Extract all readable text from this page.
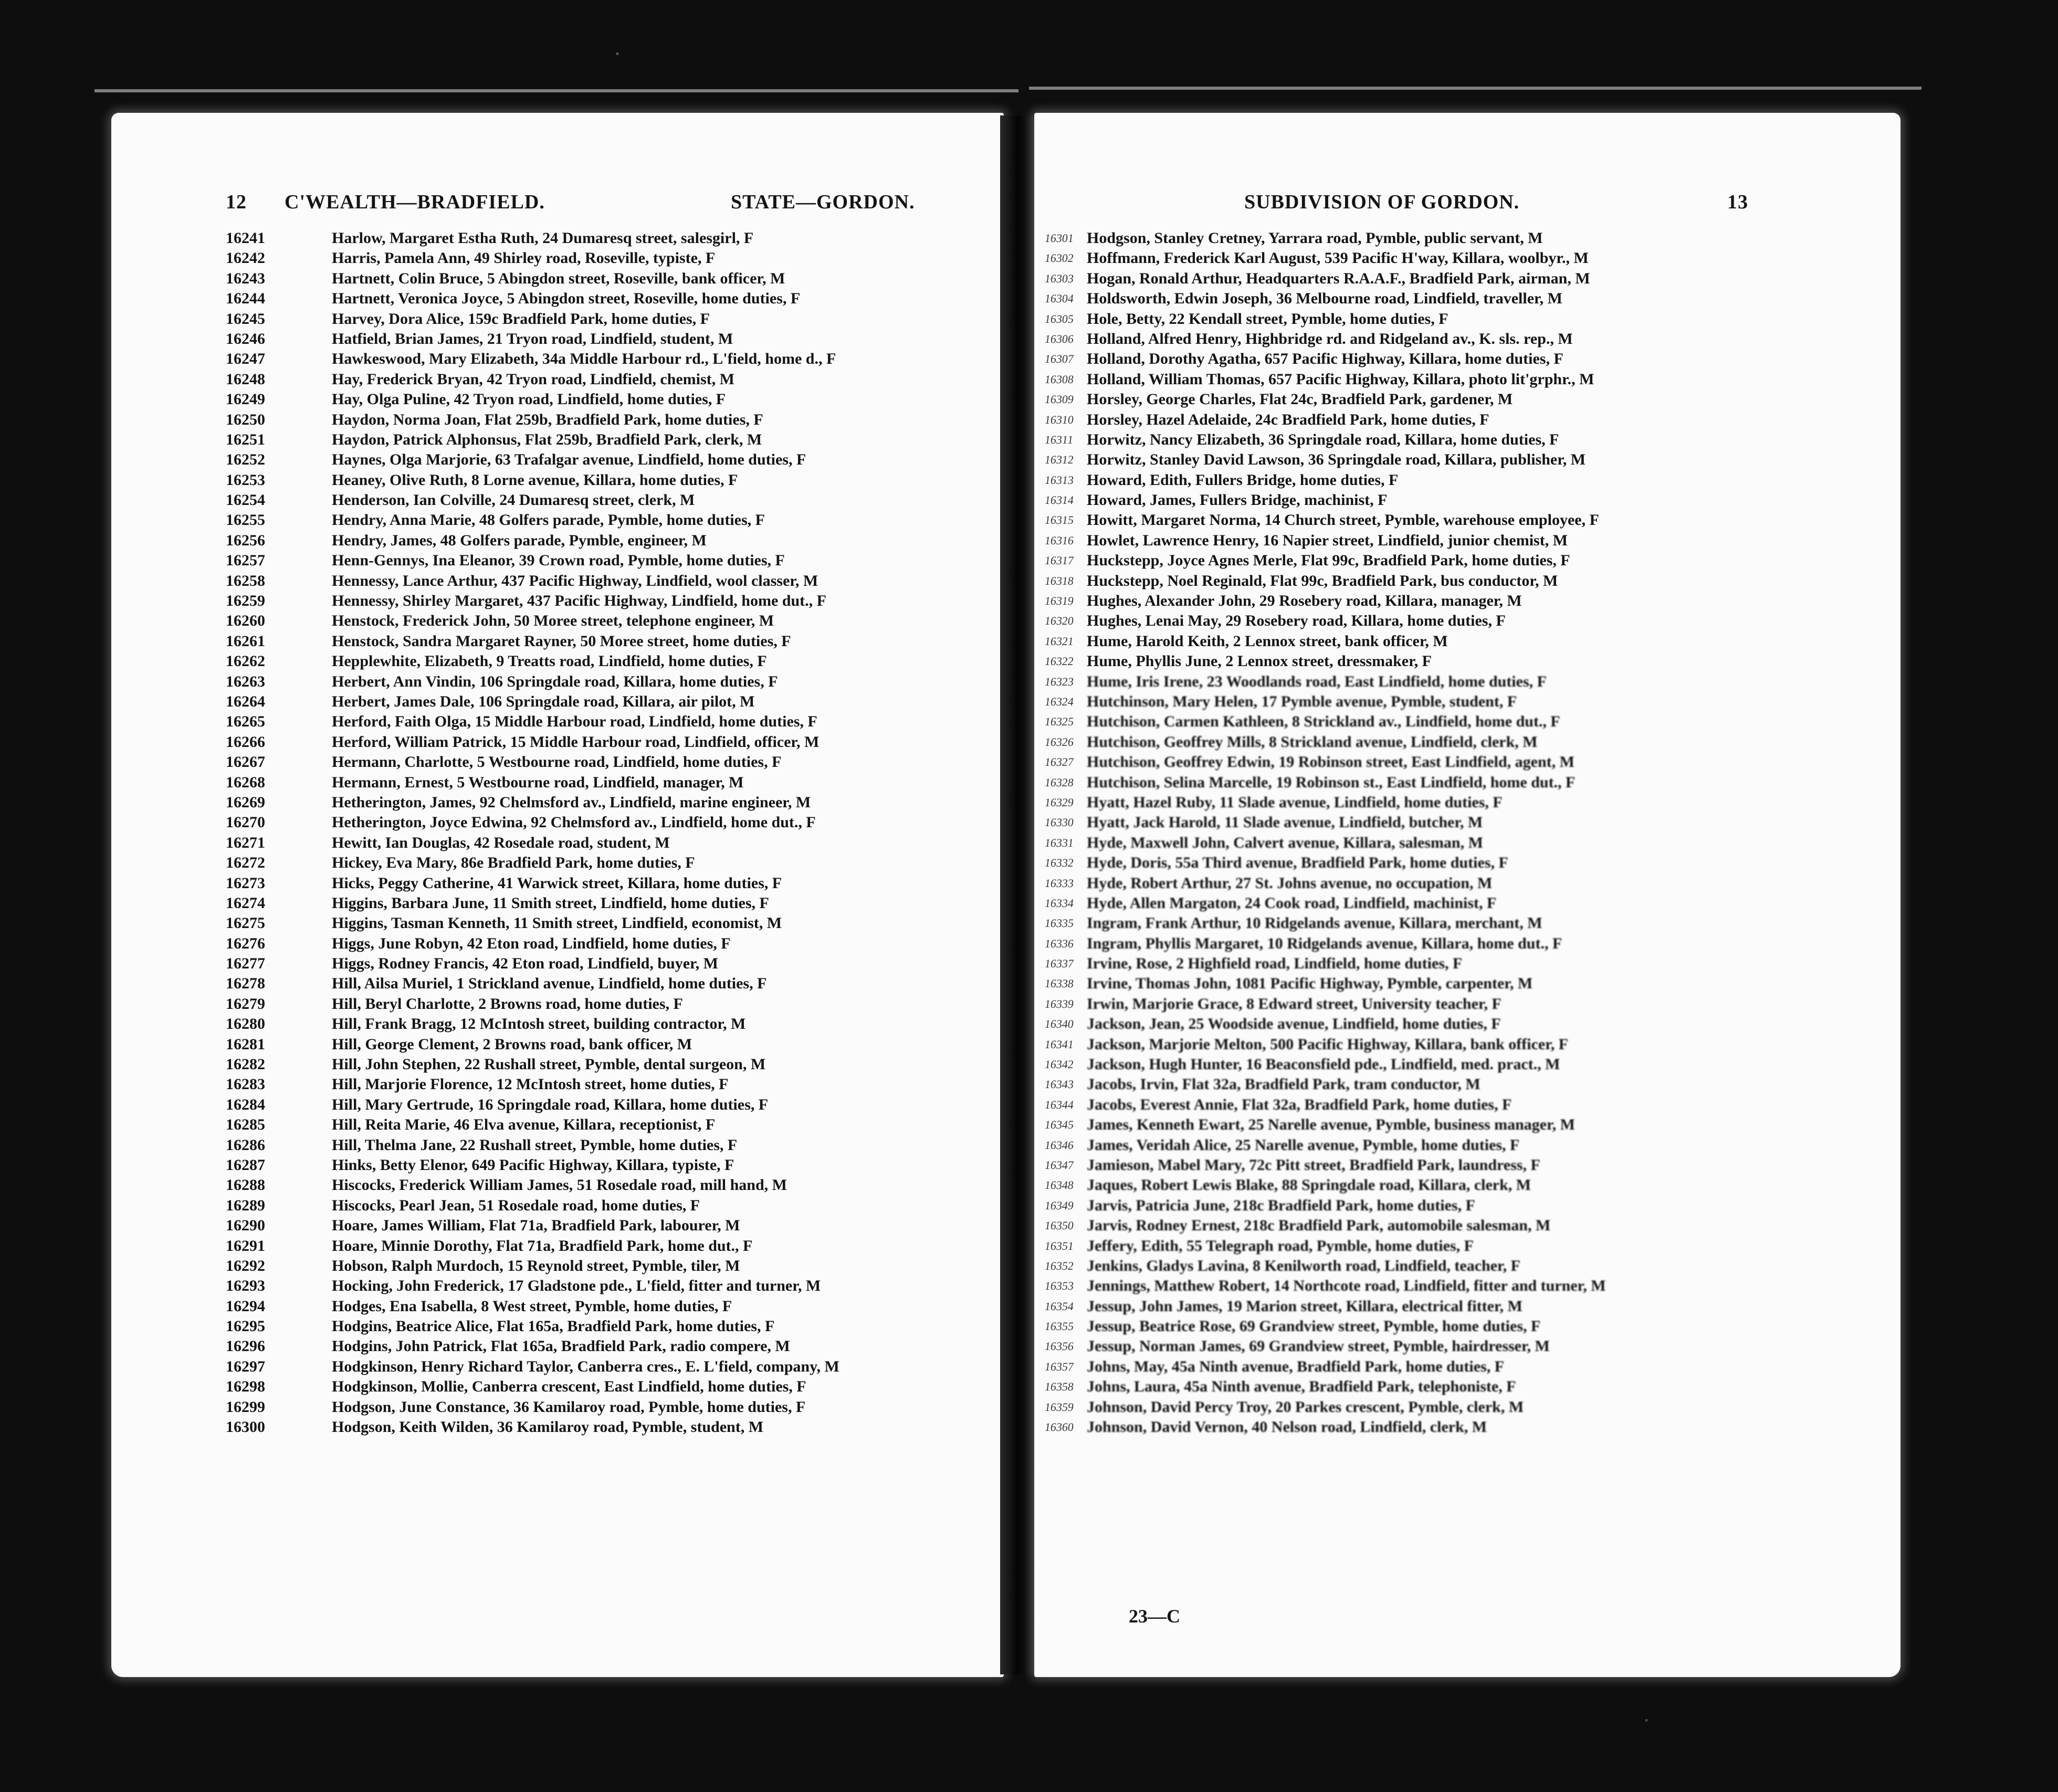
12 C'WEALTH—BRADFIELD.	STATE—GORDON.
16241	Harlow, Margaret Estha Ruth, 24 Dumaresq street, salesgirl, F
16242	Harris, Pamela Ann, 49 Shirley road, Roseville, typiste, F
16243	Hartnett, Colin Bruce, 5 Abingdon street, Roseville, bank officer, M
16244	Hartnett, Veronica Joyce, 5 Abingdon street, Roseville, home duties, F
16245	Harvey, Dora Alice, 159c Bradfield Park, home duties, F
16246	Hatfield, Brian James, 21 Tryon road, Lindfield, student, M
16247	Hawkeswood, Mary Elizabeth, 34a Middle Harbour rd., L'field, home d., F
16248	Hay, Frederick Bryan, 42 Tryon road, Lindfield, chemist, M
16249	Hay, Olga Puline, 42 Tryon road, Lindfield, home duties, F
16250	Haydon, Norma Joan, Flat 259b, Bradfield Park, home duties, F
16251	Haydon, Patrick Alphonsus, Flat 259b, Bradfield Park, clerk, M
16252	Haynes, Olga Marjorie, 63 Trafalgar avenue, Lindfield, home duties, F
16253	Heaney, Olive Ruth, 8 Lorne avenue, Killara, home duties, F
16254	Henderson, Ian Colville, 24 Dumaresq street, clerk, M
16255	Hendry, Anna Marie, 48 Golfers parade, Pymble, home duties, F
16256	Hendry, James, 48 Golfers parade, Pymble, engineer, M
16257	Henn-Gennys, Ina Eleanor, 39 Crown road, Pymble, home duties, F
16258	Hennessy, Lance Arthur, 437 Pacific Highway, Lindfield, wool classer, M
16259	Hennessy, Shirley Margaret, 437 Pacific Highway, Lindfield, home dut., F
16260	Henstock, Frederick John, 50 Moree street, telephone engineer, M
16261	Henstock, Sandra Margaret Rayner, 50 Moree street, home duties, F
16262	Hepplewhite, Elizabeth, 9 Treatts road, Lindfield, home duties, F
16263	Herbert, Ann Vindin, 106 Springdale road, Killara, home duties, F
16264	Herbert, James Dale, 106 Springdale road, Killara, air pilot, M
16265	Herford, Faith Olga, 15 Middle Harbour road, Lindfield, home duties, F
16266	Herford, William Patrick, 15 Middle Harbour road, Lindfield, officer, M
16267	Hermann, Charlotte, 5 Westbourne road, Lindfield, home duties, F
16268	Hermann, Ernest, 5 Westbourne road, Lindfield, manager, M
16269	Hetherington, James, 92 Chelmsford av., Lindfield, marine engineer, M
16270	Hetherington, Joyce Edwina, 92 Chelmsford av., Lindfield, home dut., F
16271	Hewitt, Ian Douglas, 42 Rosedale road, student, M
16272	Hickey, Eva Mary, 86e Bradfield Park, home duties, F
16273	Hicks, Peggy Catherine, 41 Warwick street, Killara, home duties, F
16274	Higgins, Barbara June, 11 Smith street, Lindfield, home duties, F
16275	Higgins, Tasman Kenneth, 11 Smith street, Lindfield, economist, M
16276	Higgs, June Robyn, 42 Eton road, Lindfield, home duties, F
16277	Higgs, Rodney Francis, 42 Eton road, Lindfield, buyer, M
16278	Hill, Ailsa Muriel, 1 Strickland avenue, Lindfield, home duties, F
16279	Hill, Beryl Charlotte, 2 Browns road, home duties, F
16280	Hill, Frank Bragg, 12 McIntosh street, building contractor, M
16281	Hill, George Clement, 2 Browns road, bank officer, M
16282	Hill, John Stephen, 22 Rushall street, Pymble, dental surgeon, M
16283	Hill, Marjorie Florence, 12 McIntosh street, home duties, F
16284	Hill, Mary Gertrude, 16 Springdale road, Killara, home duties, F
16285	Hill, Reita Marie, 46 Elva avenue, Killara, receptionist, F
16286	Hill, Thelma Jane, 22 Rushall street, Pymble, home duties, F
16287	Hinks, Betty Elenor, 649 Pacific Highway, Killara, typiste, F
16288	Hiscocks, Frederick William James, 51 Rosedale road, mill hand, M
16289	Hiscocks, Pearl Jean, 51 Rosedale road, home duties, F
16290	Hoare, James William, Flat 71a, Bradfield Park, labourer, M
16291	Hoare, Minnie Dorothy, Flat 71a, Bradfield Park, home dut., F
16292	Hobson, Ralph Murdoch, 15 Reynold street, Pymble, tiler, M
16293	Hocking, John Frederick, 17 Gladstone pde., L'field, fitter and turner, M
16294	Hodges, Ena Isabella, 8 West street, Pymble, home duties, F
16295	Hodgins, Beatrice Alice, Flat 165a, Bradfield Park, home duties, F
16296	Hodgins, John Patrick, Flat 165a, Bradfield Park, radio compere, M
16297	Hodgkinson, Henry Richard Taylor, Canberra cres., E. L'field, company, M
16298	Hodgkinson, Mollie, Canberra crescent, East Lindfield, home duties, F
16299	Hodgson, June Constance, 36 Kamilaroy road, Pymble, home duties, F
16300	Hodgson, Keith Wilden, 36 Kamilaroy road, Pymble, student, M
SUBDIVISION OF GORDON.	13
16301 Hodgson, Stanley Cretney, Yarrara road, Pymble, public servant, M
16302 Hoffmann, Frederick Karl August, 539 Pacific H'way, Killara, woolbyr., M
16303 Hogan, Ronald Arthur, Headquarters R.A.A.F., Bradfield Park, airman, M
16304 Holdsworth, Edwin Joseph, 36 Melbourne road, Lindfield, traveller, M
16305 Hole, Betty, 22 Kendall street, Pymble, home duties, F
16306 Holland, Alfred Henry, Highbridge rd. and Ridgeland av., K. sls. rep., M
16307 Holland, Dorothy Agatha, 657 Pacific Highway, Killara, home duties, F
16308 Holland, William Thomas, 657 Pacific Highway, Killara, photo lit'grphr., M
16309 Horsley, George Charles, Flat 24c, Bradfield Park, gardener, M
16310 Horsley, Hazel Adelaide, 24c Bradfield Park, home duties, F
16311 Horwitz, Nancy Elizabeth, 36 Springdale road, Killara, home duties, F
16312 Horwitz, Stanley David Lawson, 36 Springdale road, Killara, publisher, M
16313 Howard, Edith, Fullers Bridge, home duties, F
16314 Howard, James, Fullers Bridge, machinist, F
16315 Howitt, Margaret Norma, 14 Church street, Pymble, warehouse employee, F
16316 Howlet, Lawrence Henry, 16 Napier street, Lindfield, junior chemist, M
16317 Huckstepp, Joyce Agnes Merle, Flat 99c, Bradfield Park, home duties, F
16318 Huckstepp, Noel Reginald, Flat 99c, Bradfield Park, bus conductor, M
16319 Hughes, Alexander John, 29 Rosebery road, Killara, manager, M
16320 Hughes, Lenai May, 29 Rosebery road, Killara, home duties, F
16321 Hume, Harold Keith, 2 Lennox street, bank officer, M
16322 Hume, Phyllis June, 2 Lennox street, dressmaker, F
16323 Hume, Iris Irene, 23 Woodlands road, East Lindfield, home duties, F
16324 Hutchinson, Mary Helen, 17 Pymble avenue, Pymble, student, F
16325 Hutchison, Carmen Kathleen, 8 Strickland av., Lindfield, home dut., F
16326 Hutchison, Geoffrey Mills, 8 Strickland avenue, Lindfield, clerk, M
16327 Hutchison, Geoffrey Edwin, 19 Robinson street, East Lindfield, agent, M
16328 Hutchison, Selina Marcelle, 19 Robinson st., East Lindfield, home dut., F
16329 Hyatt, Hazel Ruby, 11 Slade avenue, Lindfield, home duties, F
16330 Hyatt, Jack Harold, 11 Slade avenue, Lindfield, butcher, M
16331 Hyde, Maxwell John, Calvert avenue, Killara, salesman, M
16332 Hyde, Doris, 55a Third avenue, Bradfield Park, home duties, F
16333 Hyde, Robert Arthur, 27 St. Johns avenue, no occupation, M
16334 Hyde, Allen Margaton, 24 Cook road, Lindfield, machinist, F
16335 Ingram, Frank Arthur, 10 Ridgelands avenue, Killara, merchant, M
16336 Ingram, Phyllis Margaret, 10 Ridgelands avenue, Killara, home dut., F
16337 Irvine, Rose, 2 Highfield road, Lindfield, home duties, F
16338 Irvine, Thomas John, 1081 Pacific Highway, Pymble, carpenter, M
16339 Irwin, Marjorie Grace, 8 Edward street, University teacher, F
16340 Jackson, Jean, 25 Woodside avenue, Lindfield, home duties, F
16341 Jackson, Marjorie Melton, 500 Pacific Highway, Killara, bank officer, F
16342 Jackson, Hugh Hunter, 16 Beaconsfield pde., Lindfield, med. pract., M
16343 Jacobs, Irvin, Flat 32a, Bradfield Park, tram conductor, M
16344 Jacobs, Everest Annie, Flat 32a, Bradfield Park, home duties, F
16345 James, Kenneth Ewart, 25 Narelle avenue, Pymble, business manager, M
16346 James, Veridah Alice, 25 Narelle avenue, Pymble, home duties, F
16347 Jamieson, Mabel Mary, 72c Pitt street, Bradfield Park, laundress, F
16348 Jaques, Robert Lewis Blake, 88 Springdale road, Killara, clerk, M
16349 Jarvis, Patricia June, 218c Bradfield Park, home duties, F
16350 Jarvis, Rodney Ernest, 218c Bradfield Park, automobile salesman, M
16351 Jeffery, Edith, 55 Telegraph road, Pymble, home duties, F
16352 Jenkins, Gladys Lavina, 8 Kenilworth road, Lindfield, teacher, F
16353 Jennings, Matthew Robert, 14 Northcote road, Lindfield, fitter and turner, M
16354 Jessup, John James, 19 Marion street, Killara, electrical fitter, M
16355 Jessup, Beatrice Rose, 69 Grandview street, Pymble, home duties, F
16356 Jessup, Norman James, 69 Grandview street, Pymble, hairdresser, M
16357 Johns, May, 45a Ninth avenue, Bradfield Park, home duties, F
16358 Johns, Laura, 45a Ninth avenue, Bradfield Park, telephoniste, F
16359 Johnson, David Percy Troy, 20 Parkes crescent, Pymble, clerk, M
16360 Johnson, David Vernon, 40 Nelson road, Lindfield, clerk, M
23—C
